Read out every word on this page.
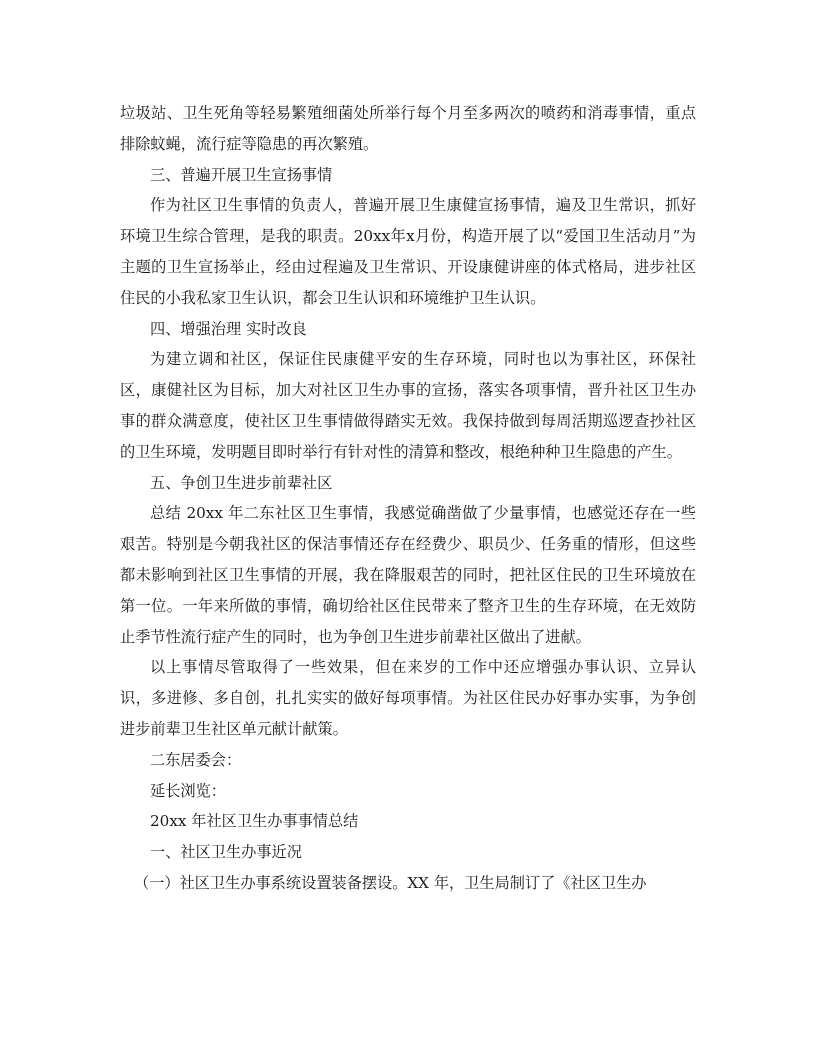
垃圾站、卫生死角等轻易繁殖细菌处所举行每个月至多两次的喷药和消毒事情，重点排除蚊蝇，流行症等隐患的再次繁殖。

三、普遍开展卫生宣扬事情

作为社区卫生事情的负责人，普遍开展卫生康健宣扬事情，遍及卫生常识，抓好环境卫生综合管理，是我的职责。20xx年x月份，构造开展了以“爱国卫生活动月”为主题的卫生宣扬举止，经由过程遍及卫生常识、开设康健讲座的体式格局，进步社区住民的小我私家卫生认识，都会卫生认识和环境维护卫生认识。

四、增强治理 实时改良

为建立调和社区，保证住民康健平安的生存环境，同时也以为事社区，环保社区，康健社区为目标，加大对社区卫生办事的宣扬，落实各项事情，晋升社区卫生办事的群众满意度，使社区卫生事情做得踏实无效。我保持做到每周活期巡逻查抄社区的卫生环境，发明题目即时举行有针对性的清算和整改，根绝种种卫生隐患的产生。

五、争创卫生进步前辈社区

总结 20xx 年二东社区卫生事情，我感觉确凿做了少量事情，也感觉还存在一些艰苦。特别是今朝我社区的保洁事情还存在经费少、职员少、任务重的情形，但这些都未影响到社区卫生事情的开展，我在降服艰苦的同时，把社区住民的卫生环境放在第一位。一年来所做的事情，确切给社区住民带来了整齐卫生的生存环境，在无效防止季节性流行症产生的同时，也为争创卫生进步前辈社区做出了进献。

以上事情尽管取得了一些效果，但在来岁的工作中还应增强办事认识、立异认识，多进修、多自创，扎扎实实的做好每项事情。为社区住民办好事办实事，为争创进步前辈卫生社区单元献计献策。

二东居委会：

延长浏览：

20xx 年社区卫生办事事情总结

一、社区卫生办事近况

（一）社区卫生办事系统设置装备摆设。XX 年，卫生局制订了《社区卫生办
